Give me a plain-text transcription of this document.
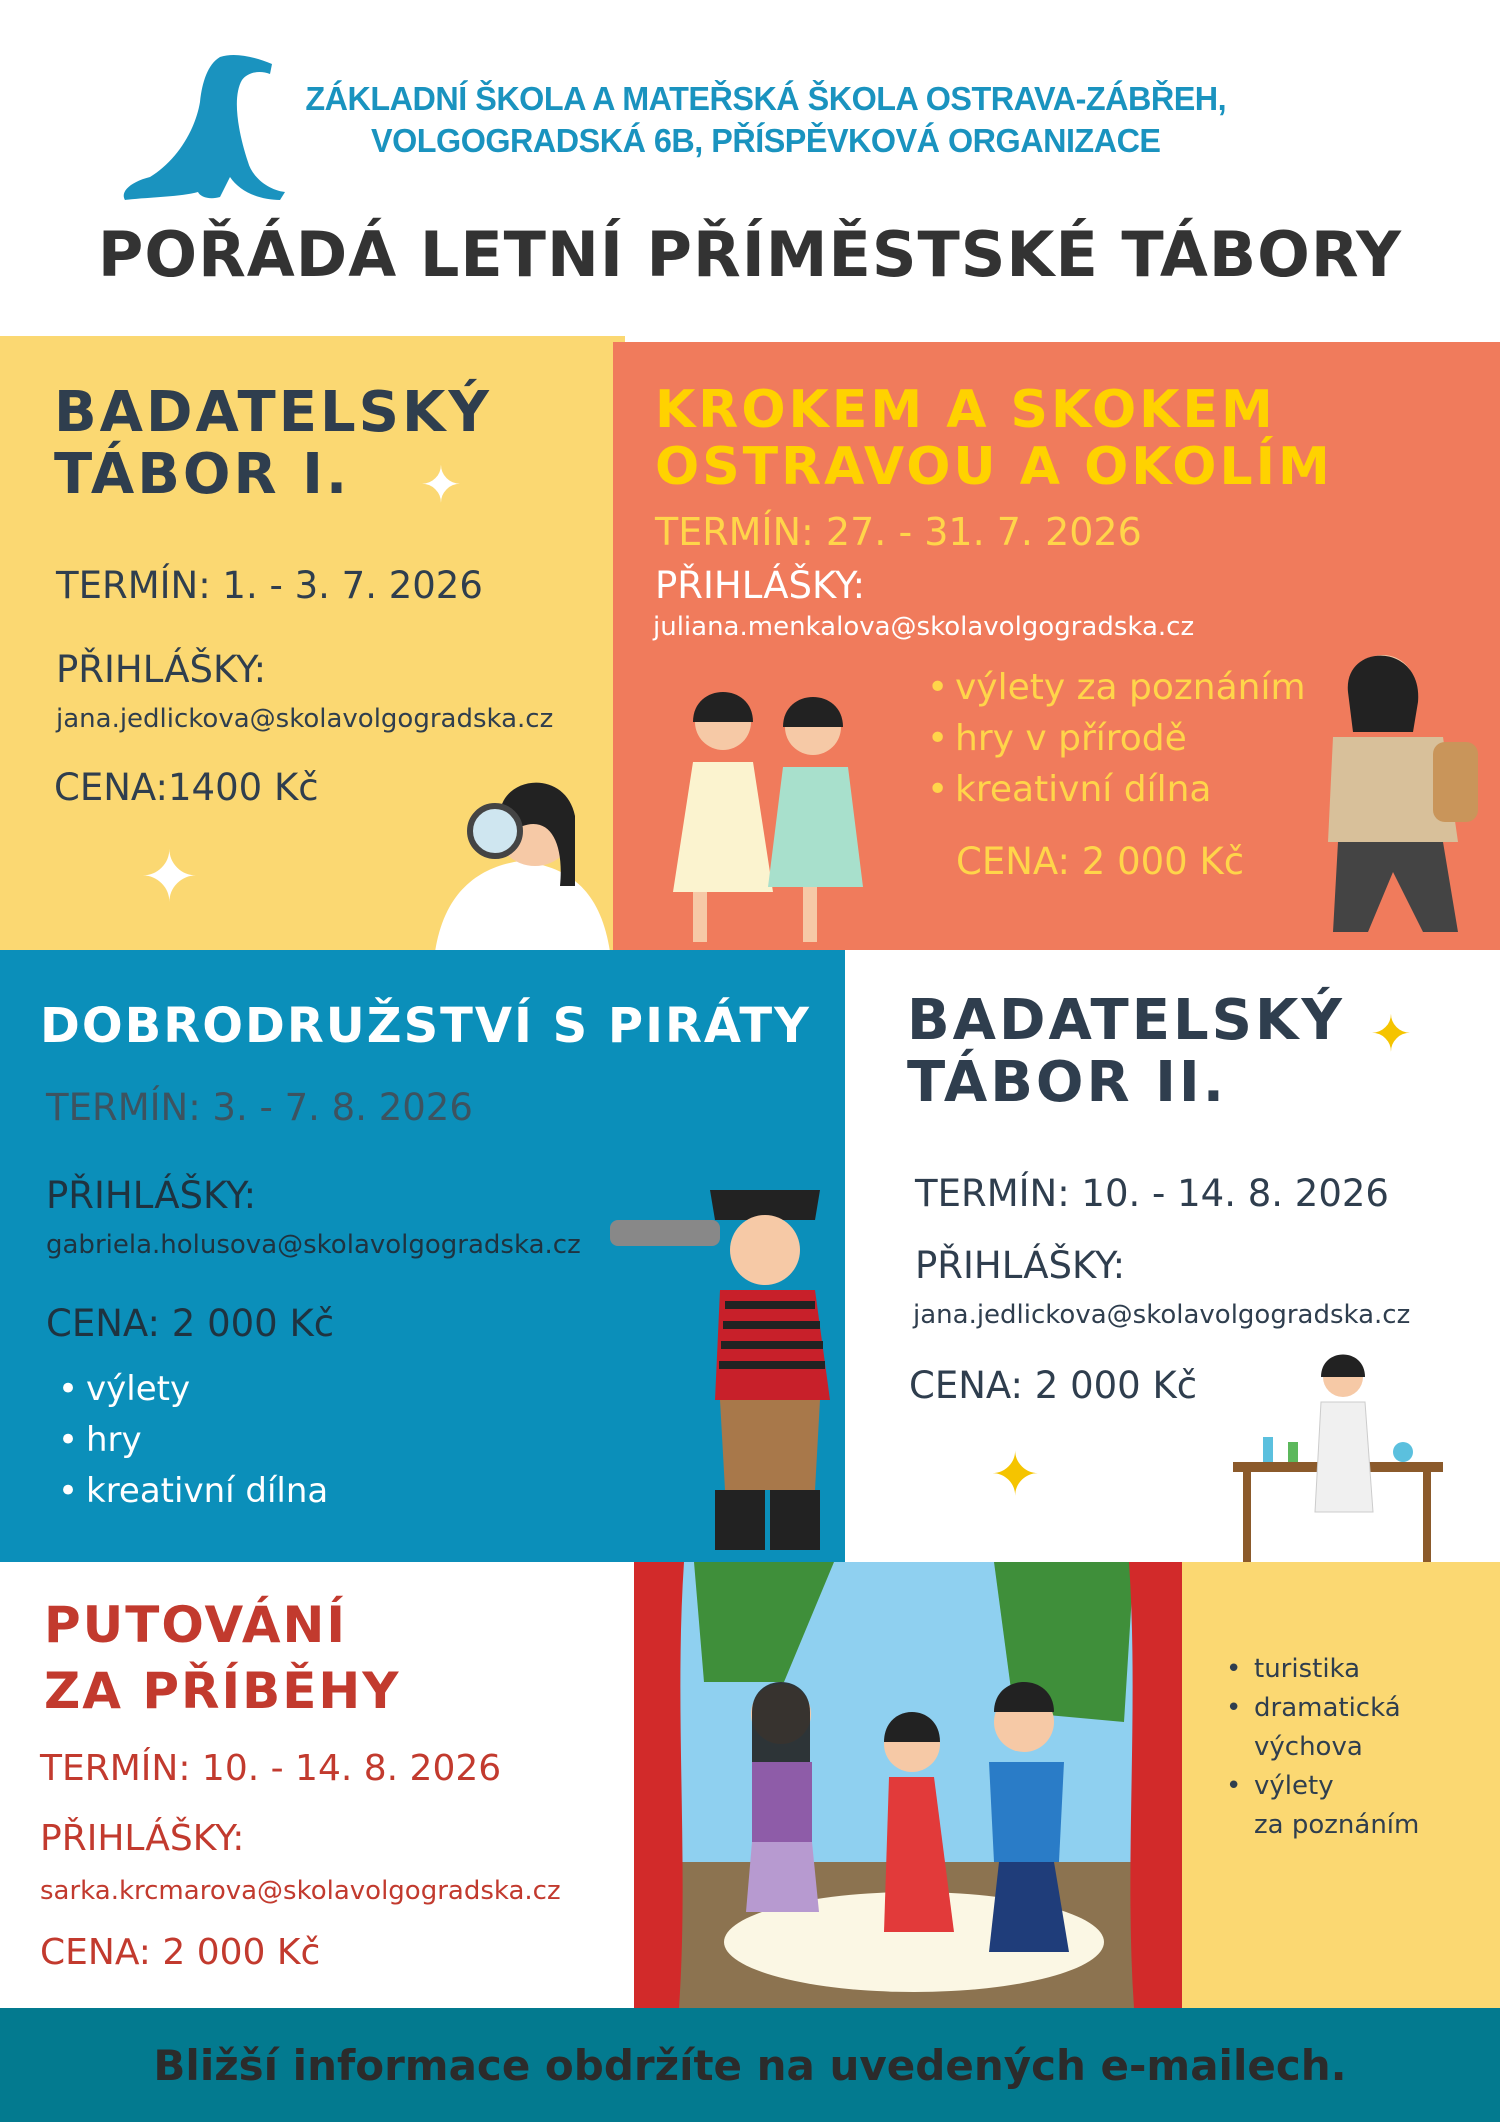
ZÁKLADNÍ ŠKOLA A MATEŘSKÁ ŠKOLA OSTRAVA-ZÁBŘEH,
VOLGOGRADSKÁ 6B, PŘÍSPĚVKOVÁ ORGANIZACE
POŘÁDÁ LETNÍ PŘÍMĚSTSKÉ TÁBORY
BADATELSKÝ
TÁBOR I.	✦
TERMÍN: 1. - 3. 7. 2026
PŘIHLÁŠKY:
jana.jedlickova@skolavolgogradska.cz
CENA:1400 Kč
✦
KROKEM A SKOKEM
OSTRAVOU A OKOLÍM
TERMÍN: 27. - 31. 7. 2026
PŘIHLÁŠKY:
juliana.menkalova@skolavolgogradska.cz
• výlety za poznáním
• hry v přírodě
• kreativní dílna
CENA: 2 000 Kč
DOBRODRUŽSTVÍ S PIRÁTY
TERMÍN: 3. - 7. 8. 2026
PŘIHLÁŠKY:
gabriela.holusova@skolavolgogradska.cz
CENA: 2 000 Kč
• výlety
• hry
• kreativní dílna
BADATELSKÝ
TÁBOR II.
✦
TERMÍN: 10. - 14. 8. 2026
PŘIHLÁŠKY:
jana.jedlickova@skolavolgogradska.cz
CENA: 2 000 Kč
✦
PUTOVÁNÍ
ZA PŘÍBĚHY
TERMÍN: 10. - 14. 8. 2026
PŘIHLÁŠKY:
sarka.krcmarova@skolavolgogradska.cz
CENA: 2 000 Kč
• turistika
• dramatická
výchova
• výlety
za poznáním
Bližší informace obdržíte na uvedených e-mailech.
